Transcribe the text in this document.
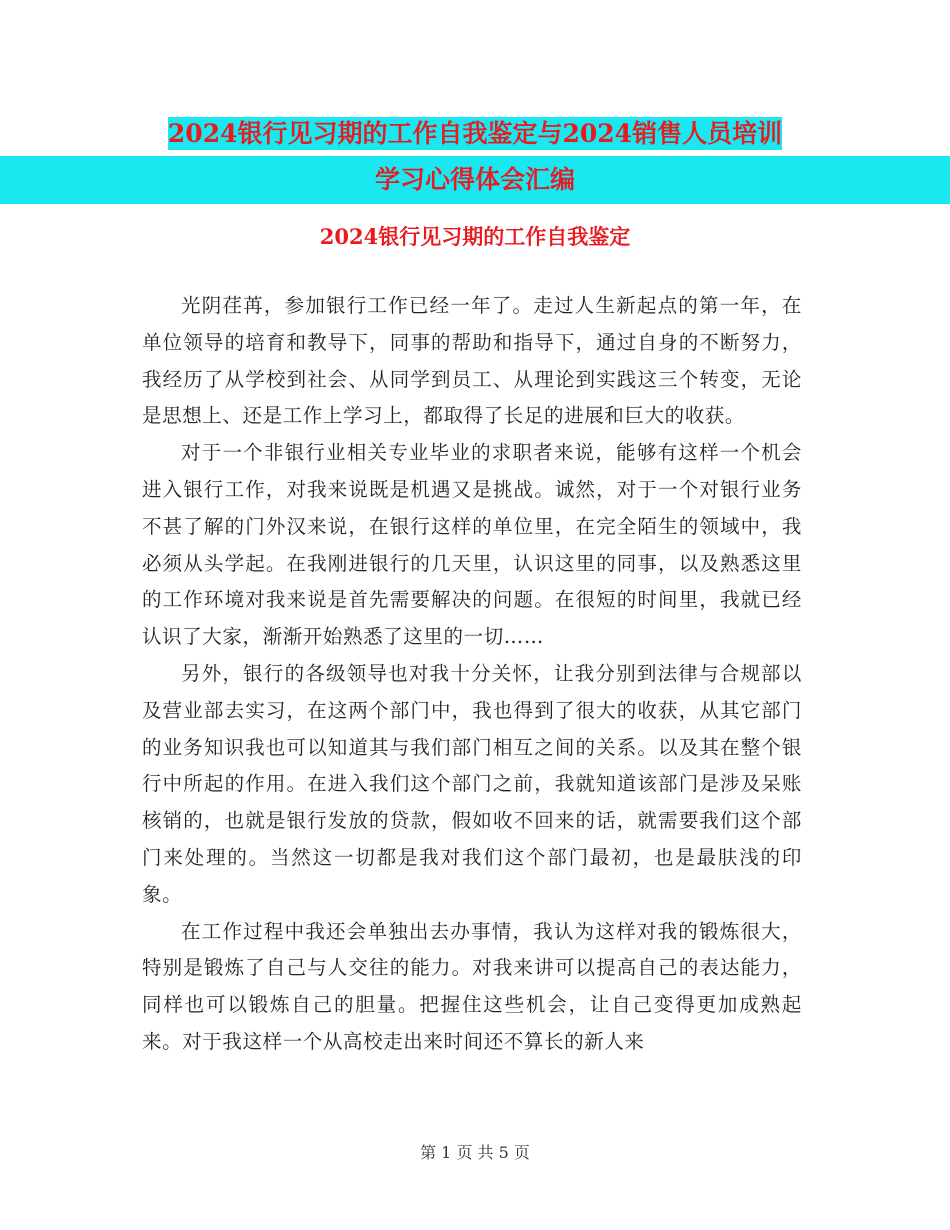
2024银行见习期的工作自我鉴定与2024销售人员培训
学习心得体会汇编
2024银行见习期的工作自我鉴定

光阴荏苒，参加银行工作已经一年了。走过人生新起点的第一年，在单位领导的培育和教导下，同事的帮助和指导下，通过自身的不断努力，我经历了从学校到社会、从同学到员工、从理论到实践这三个转变，无论是思想上、还是工作上学习上，都取得了长足的进展和巨大的收获。

对于一个非银行业相关专业毕业的求职者来说，能够有这样一个机会进入银行工作，对我来说既是机遇又是挑战。诚然，对于一个对银行业务不甚了解的门外汉来说，在银行这样的单位里，在完全陌生的领域中，我必须从头学起。在我刚进银行的几天里，认识这里的同事，以及熟悉这里的工作环境对我来说是首先需要解决的问题。在很短的时间里，我就已经认识了大家，渐渐开始熟悉了这里的一切……

另外，银行的各级领导也对我十分关怀，让我分别到法律与合规部以及营业部去实习，在这两个部门中，我也得到了很大的收获，从其它部门的业务知识我也可以知道其与我们部门相互之间的关系。以及其在整个银行中所起的作用。在进入我们这个部门之前，我就知道该部门是涉及呆账核销的，也就是银行发放的贷款，假如收不回来的话，就需要我们这个部门来处理的。当然这一切都是我对我们这个部门最初，也是最肤浅的印象。

在工作过程中我还会单独出去办事情，我认为这样对我的锻炼很大，特别是锻炼了自己与人交往的能力。对我来讲可以提高自己的表达能力，同样也可以锻炼自己的胆量。把握住这些机会，让自己变得更加成熟起来。对于我这样一个从高校走出来时间还不算长的新人来

第 1 页 共 5 页
